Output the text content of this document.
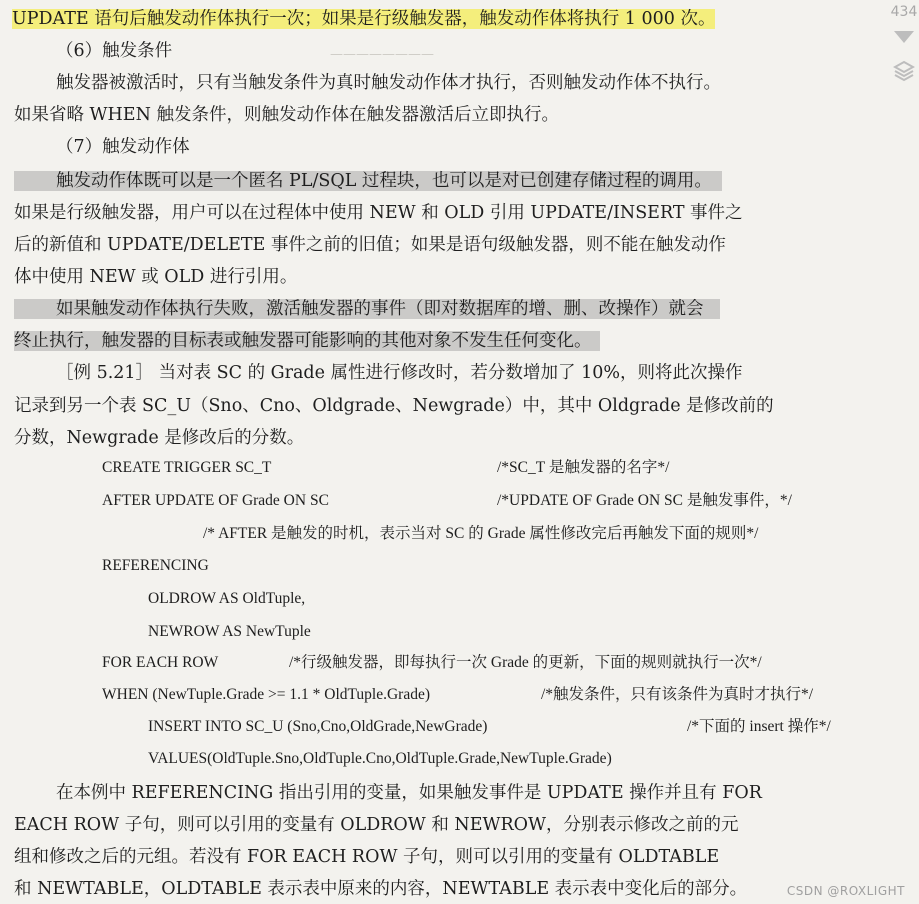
————————
UPDATE 语句后触发动作体执行一次；如果是行级触发器，触发动作体将执行 1 000 次。
（6）触发条件
触发器被激活时，只有当触发条件为真时触发动作体才执行，否则触发动作体不执行。
如果省略 WHEN 触发条件，则触发动作体在触发器激活后立即执行。
（7）触发动作体
触发动作体既可以是一个匿名 PL/SQL 过程块，也可以是对已创建存储过程的调用。
如果是行级触发器，用户可以在过程体中使用 NEW 和 OLD 引用 UPDATE/INSERT 事件之
后的新值和 UPDATE/DELETE 事件之前的旧值；如果是语句级触发器，则不能在触发动作
体中使用 NEW 或 OLD 进行引用。
如果触发动作体执行失败，激活触发器的事件（即对数据库的增、删、改操作）就会
终止执行，触发器的目标表或触发器可能影响的其他对象不发生任何变化。
［例 5.21］ 当对表 SC 的 Grade 属性进行修改时，若分数增加了 10%，则将此次操作
记录到另一个表 SC_U（Sno、Cno、Oldgrade、Newgrade）中，其中 Oldgrade 是修改前的
分数，Newgrade 是修改后的分数。
CREATE TRIGGER SC_T	/*SC_T 是触发器的名字*/
AFTER UPDATE OF Grade ON SC	/*UPDATE OF Grade ON SC 是触发事件，*/
/* AFTER 是触发的时机，表示当对 SC 的 Grade 属性修改完后再触发下面的规则*/
REFERENCING
OLDROW AS OldTuple,
NEWROW AS NewTuple
FOR EACH ROW	/*行级触发器，即每执行一次 Grade 的更新，下面的规则就执行一次*/
WHEN (NewTuple.Grade >= 1.1 * OldTuple.Grade)	/*触发条件，只有该条件为真时才执行*/
INSERT INTO SC_U (Sno,Cno,OldGrade,NewGrade)	/*下面的 insert 操作*/
VALUES(OldTuple.Sno,OldTuple.Cno,OldTuple.Grade,NewTuple.Grade)
在本例中 REFERENCING 指出引用的变量，如果触发事件是 UPDATE 操作并且有 FOR
EACH ROW 子句，则可以引用的变量有 OLDROW 和 NEWROW，分别表示修改之前的元
组和修改之后的元组。若没有 FOR EACH ROW 子句，则可以引用的变量有 OLDTABLE
和 NEWTABLE，OLDTABLE 表示表中原来的内容，NEWTABLE 表示表中变化后的部分。
434
CSDN @ROXLIGHT
